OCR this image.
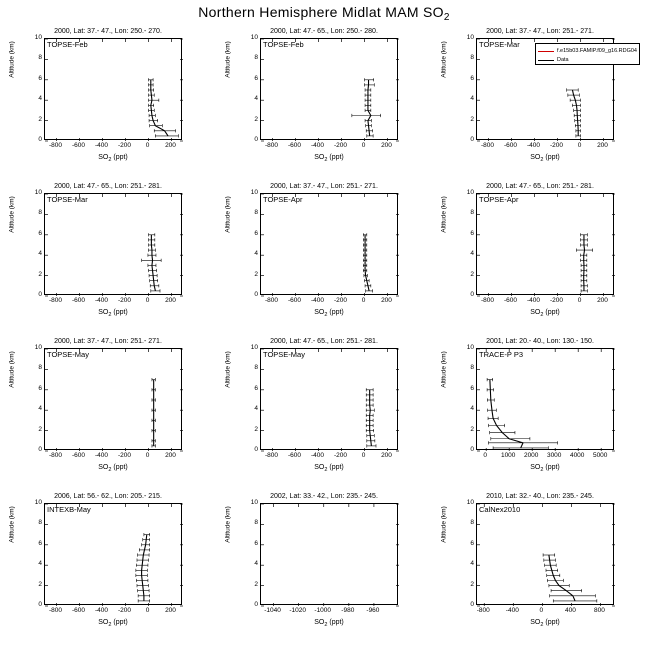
Northern Hemisphere Midlat MAM $SO_2$
2000, Lat: 37.- 47., Lon: 250.- 270.
Altitude (km)
0
2
4
6
8
10
TOPSE-Feb
-800 -600 -400 -200 0 200
$SO_2$ (ppt)
2000, Lat: 47.- 65., Lon: 250.- 280.
Altitude (km)
0
2
4
6
8
10
TOPSE-Feb
-800 -600 -400 -200 0 200
$SO_2$ (ppt)
2000, Lat: 37.- 47., Lon: 251.- 271.
Altitude (km)
0
2
4
6
8
10
TOPSE-Mar
f.e15b03.FAMIP.f09_g16.RDG04
Data
-800 -600 -400 -200 0 200
$SO_2$ (ppt)
2000, Lat: 47.- 65., Lon: 251.- 281.
Altitude (km)
0
2
4
6
8
10
TOPSE-Mar
-800 -600 -400 -200 0 200
$SO_2$ (ppt)
2000, Lat: 37.- 47., Lon: 251.- 271.
Altitude (km)
0
2
4
6
8
10
TOPSE-Apr
-800 -600 -400 -200 0 200
$SO_2$ (ppt)
2000, Lat: 47.- 65., Lon: 251.- 281.
Altitude (km)
0
2
4
6
8
10
TOPSE-Apr
-800 -600 -400 -200 0 200
$SO_2$ (ppt)
2000, Lat: 37.- 47., Lon: 251.- 271.
Altitude (km)
0
2
4
6
8
10
TOPSE-May
-800 -600 -400 -200 0 200
$SO_2$ (ppt)
2000, Lat: 47.- 65., Lon: 251.- 281.
Altitude (km)
0
2
4
6
8
10
TOPSE-May
-800 -600 -400 -200 0 200
$SO_2$ (ppt)
2001, Lat: 20.- 40., Lon: 130.- 150.
Altitude (km)
0
2
4
6
8
10
TRACE-P P3
0 1000 2000 3000 4000 5000
$SO_2$ (ppt)
2006, Lat: 56.- 62., Lon: 205.- 215.
Altitude (km)
0
2
4
6
8
10
INTEXB-May
-800 -600 -400 -200 0 200
$SO_2$ (ppt)
2002, Lat: 33.- 42., Lon: 235.- 245.
Altitude (km)
0
2
4
6
8
10
-1040 -1020 -1000 -980 -960
$SO_2$ (ppt)
2010, Lat: 32.- 40., Lon: 235.- 245.
Altitude (km)
0
2
4
6
8
10
CalNex2010
-800 -400	0	400	800
$SO_2$ (ppt)
